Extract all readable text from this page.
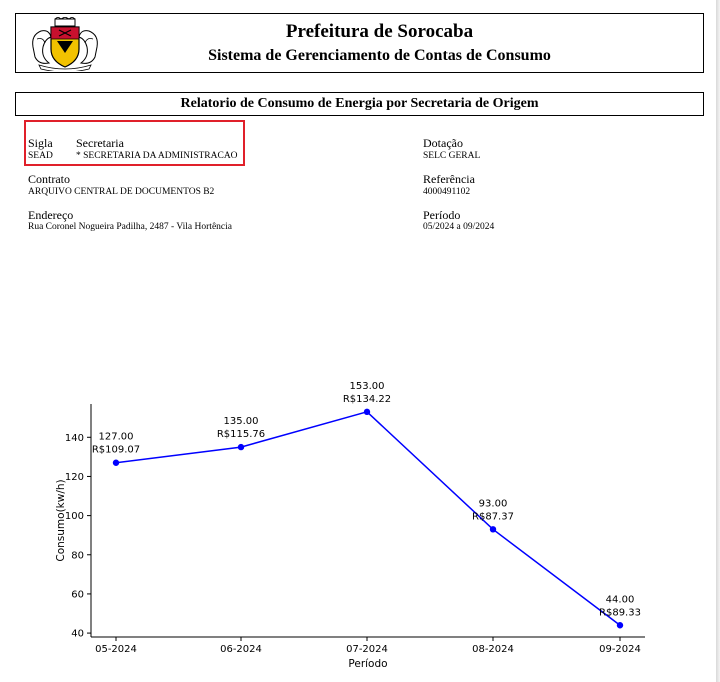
Prefeitura de Sorocaba
Sistema de Gerenciamento de Contas de Consumo
Relatorio de Consumo de Energia por Secretaria de Origem
Sigla
SEAD
Secretaria
* SECRETARIA DA ADMINISTRACAO
Dotação
SELC GERAL
Contrato
ARQUIVO CENTRAL DE DOCUMENTOS B2
Referência
4000491102
Endereço
Rua Coronel Nogueira Padilha, 2487 - Vila Hortência
Período
05/2024 a 09/2024
40
60
80
100
120
140
05-2024	06-2024	07-2024	08-2024	09-2024
Período
Consumo(kw/h)
127.00
R$109.07
135.00
R$115.76
153.00
R$134.22
93.00
R$87.37
44.00
R$89.33
